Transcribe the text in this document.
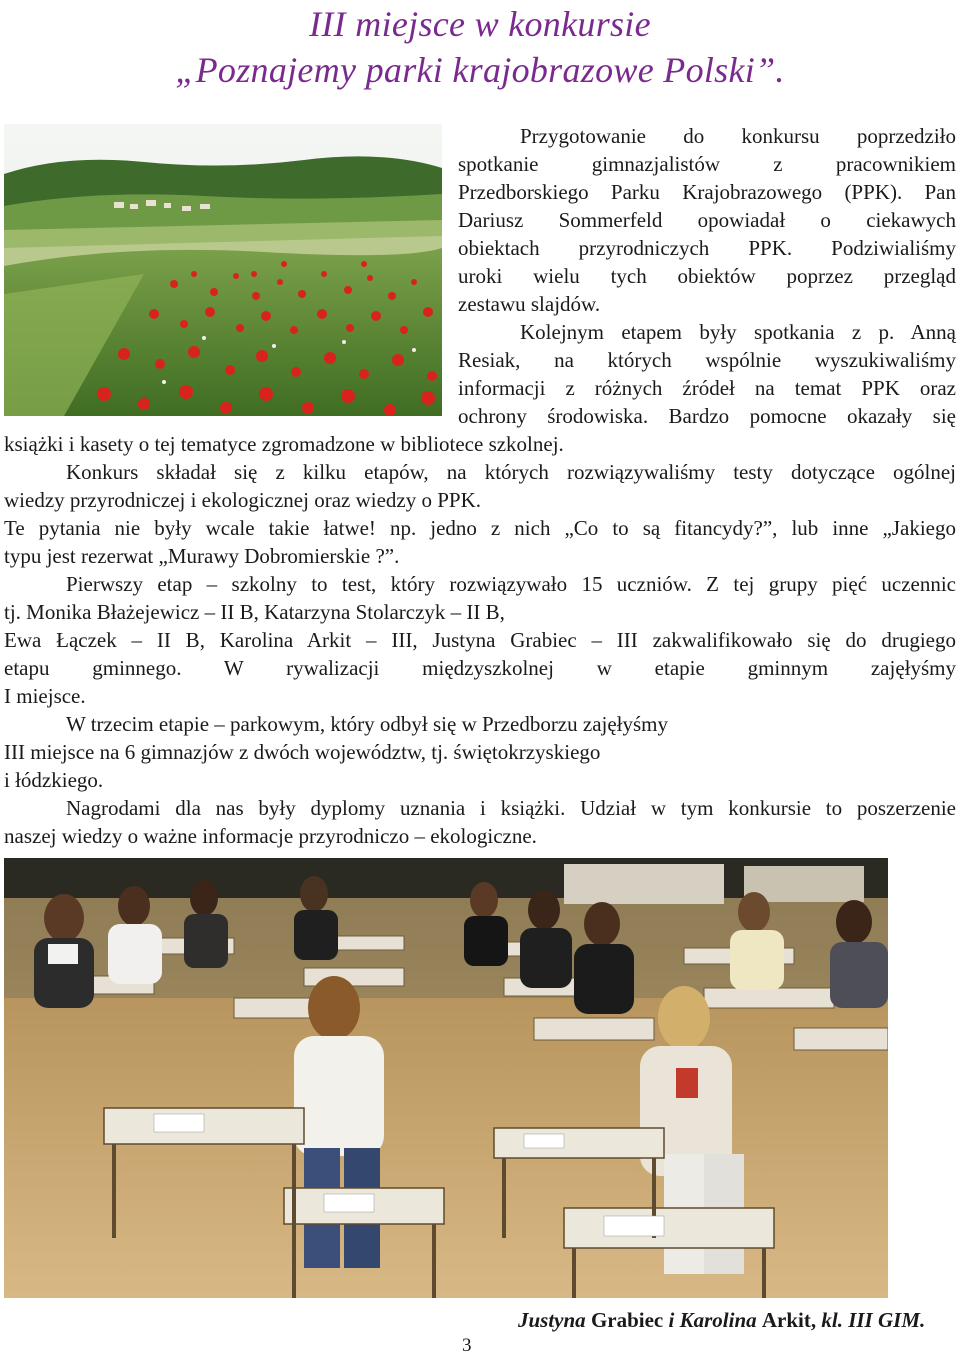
III miejsce w konkursie
„Poznajemy parki krajobrazowe Polski”.
Przygotowanie do konkursu poprzedziło
spotkanie gimnazjalistów z pracownikiem
Przedborskiego Parku Krajobrazowego (PPK). Pan
Dariusz Sommerfeld opowiadał o ciekawych
obiektach przyrodniczych PPK. Podziwialiśmy
uroki wielu tych obiektów poprzez przegląd
zestawu slajdów.
Kolejnym etapem były spotkania z p. Anną
Resiak, na których wspólnie wyszukiwaliśmy
informacji z różnych źródeł na temat PPK oraz
ochrony środowiska. Bardzo pomocne okazały się
książki i kasety o tej tematyce zgromadzone w bibliotece szkolnej.
Konkurs składał się z kilku etapów, na których rozwiązywaliśmy testy dotyczące ogólnej
wiedzy przyrodniczej i ekologicznej oraz wiedzy o PPK.
Te pytania nie były wcale takie łatwe! np. jedno z nich „Co to są fitancydy?”, lub inne „Jakiego
typu jest rezerwat „Murawy Dobromierskie ?”.
Pierwszy etap – szkolny to test, który rozwiązywało 15 uczniów. Z tej grupy pięć uczennic
tj. Monika Błażejewicz – II B, Katarzyna Stolarczyk – II B,
Ewa Łączek – II B, Karolina Arkit – III, Justyna Grabiec – III zakwalifikowało się do drugiego
etapu gminnego. W rywalizacji międzyszkolnej w etapie gminnym zajęłyśmy
I miejsce.
W trzecim etapie – parkowym, który odbył się w Przedborzu zajęłyśmy
III miejsce na 6 gimnazjów z dwóch województw, tj. świętokrzyskiego
i łódzkiego.
Nagrodami dla nas były dyplomy uznania i książki. Udział w tym konkursie to poszerzenie
naszej wiedzy o ważne informacje przyrodniczo – ekologiczne.
Justyna Grabiec i Karolina Arkit, kl. III GIM.
3
